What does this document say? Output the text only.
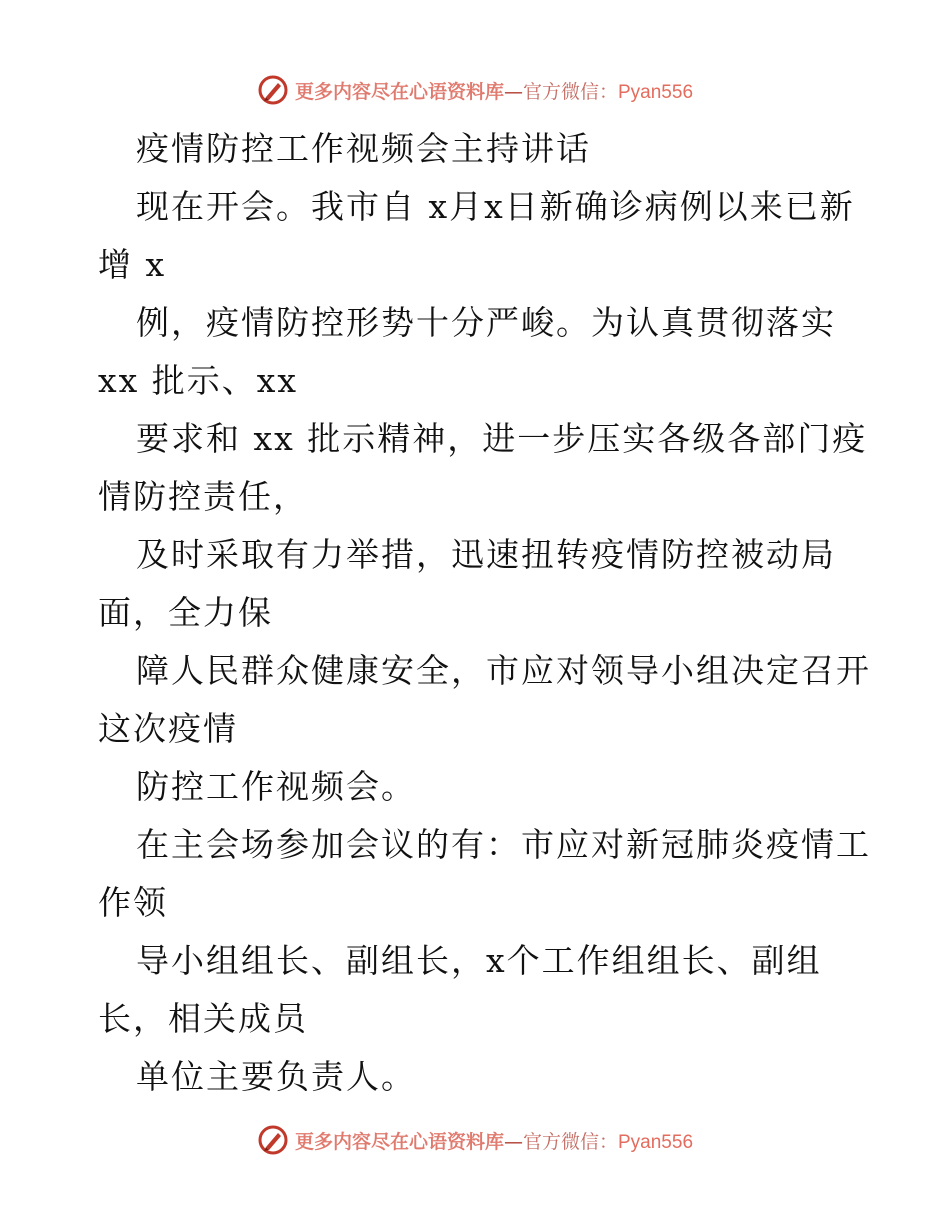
更多内容尽在心语资料库—官方微信：Pyan556
疫情防控工作视频会主持讲话
现在开会。我市自 x月x日新确诊病例以来已新
增 x
例，疫情防控形势十分严峻。为认真贯彻落实
xx 批示、xx
要求和 xx 批示精神，进一步压实各级各部门疫
情防控责任，
及时采取有力举措，迅速扭转疫情防控被动局
面，全力保
障人民群众健康安全，市应对领导小组决定召开
这次疫情
防控工作视频会。
在主会场参加会议的有：市应对新冠肺炎疫情工
作领
导小组组长、副组长，x个工作组组长、副组
长，相关成员
单位主要负责人。
更多内容尽在心语资料库—官方微信：Pyan556
